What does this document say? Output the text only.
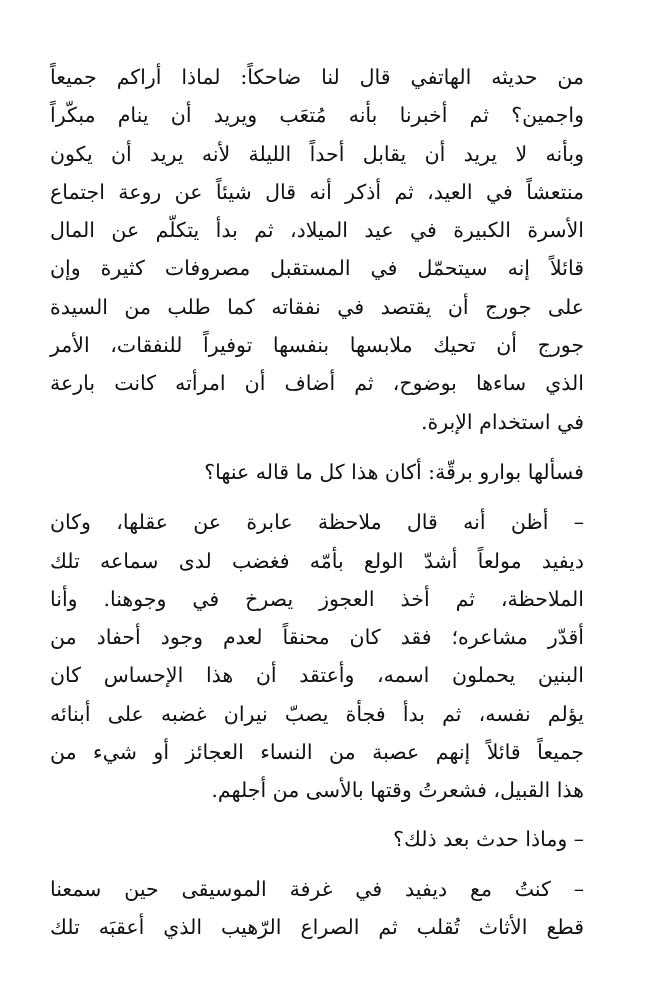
من حديثه الهاتفي قال لنا ضاحكاً: لماذا أراكم جميعاً
واجمين؟ ثم أخبرنا بأنه مُتعَب ويريد أن ينام مبكّراً
وبأنه لا يريد أن يقابل أحداً الليلة لأنه يريد أن يكون
منتعشاً في العيد، ثم أذكر أنه قال شيئاً عن روعة اجتماع
الأسرة الكبيرة في عيد الميلاد، ثم بدأ يتكلّم عن المال
قائلاً إنه سيتحمّل في المستقبل مصروفات كثيرة وإن
على جورج أن يقتصد في نفقاته كما طلب من السيدة
جورج أن تحيك ملابسها بنفسها توفيراً للنفقات، الأمر
الذي ساءها بوضوح، ثم أضاف أن امرأته كانت بارعة
في استخدام الإبرة.

فسألها بوارو برقّة: أكان هذا كل ما قاله عنها؟

– أظن أنه قال ملاحظة عابرة عن عقلها، وكان
ديفيد مولعاً أشدّ الولع بأمّه فغضب لدى سماعه تلك
الملاحظة، ثم أخذ العجوز يصرخ في وجوهنا. وأنا
أقدّر مشاعره؛ فقد كان محنقاً لعدم وجود أحفاد من
البنين يحملون اسمه، وأعتقد أن هذا الإحساس كان
يؤلم نفسه، ثم بدأ فجأة يصبّ نيران غضبه على أبنائه
جميعاً قائلاً إنهم عصبة من النساء العجائز أو شيء من
هذا القبيل، فشعرتُ وقتها بالأسى من أجلهم.

– وماذا حدث بعد ذلك؟

– كنتُ مع ديفيد في غرفة الموسيقى حين سمعنا
قطع الأثاث تُقلب ثم الصراع الرّهيب الذي أعقبَه تلك
